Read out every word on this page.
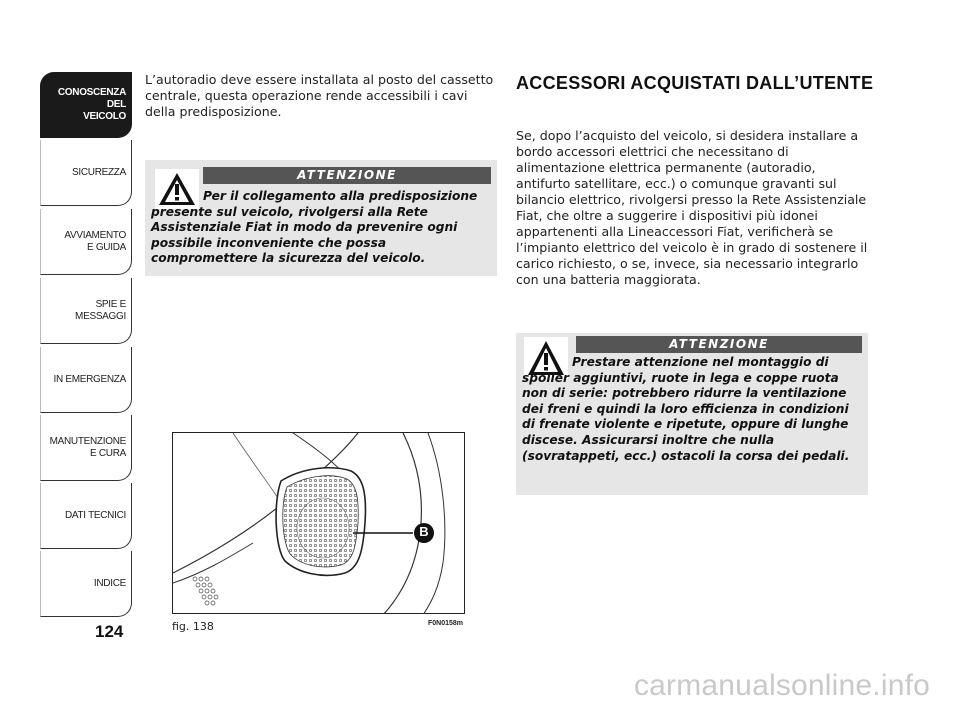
CONOSCENZA
DEL
VEICOLO
SICUREZZA
AVVIAMENTO
E GUIDA
SPIE E
MESSAGGI
IN EMERGENZA
MANUTENZIONE
E CURA
DATI TECNICI
INDICE
124

L’autoradio deve essere installata al posto del cassetto centrale, questa operazione rende accessibili i cavi della predisposizione.

ATTENZIONE
Per il collegamento alla predisposizione presente sul veicolo, rivolgersi alla Rete Assistenziale Fiat in modo da prevenire ogni possibile inconveniente che possa compromettere la sicurezza del veicolo.
B
fig. 138	F0N0158m
ACCESSORI ACQUISTATI DALL’UTENTE

Se, dopo l’acquisto del veicolo, si desidera installare a bordo accessori elettrici che necessitano di alimentazione elettrica permanente (autoradio, antifurto satellitare, ecc.) o comunque gravanti sul bilancio elettrico, rivolgersi presso la Rete Assistenziale Fiat, che oltre a suggerire i dispositivi più idonei appartenenti alla Lineaccessori Fiat, verificherà se l’impianto elettrico del veicolo è in grado di sostenere il carico richiesto, o se, invece, sia necessario integrarlo con una batteria maggiorata.

ATTENZIONE
Prestare attenzione nel montaggio di spoiler aggiuntivi, ruote in lega e coppe ruota non di serie: potrebbero ridurre la ventilazione dei freni e quindi la loro efficienza in condizioni di frenate violente e ripetute, oppure di lunghe discese. Assicurarsi inoltre che nulla (sovratappeti, ecc.) ostacoli la corsa dei pedali.
carmanualsonline.info
